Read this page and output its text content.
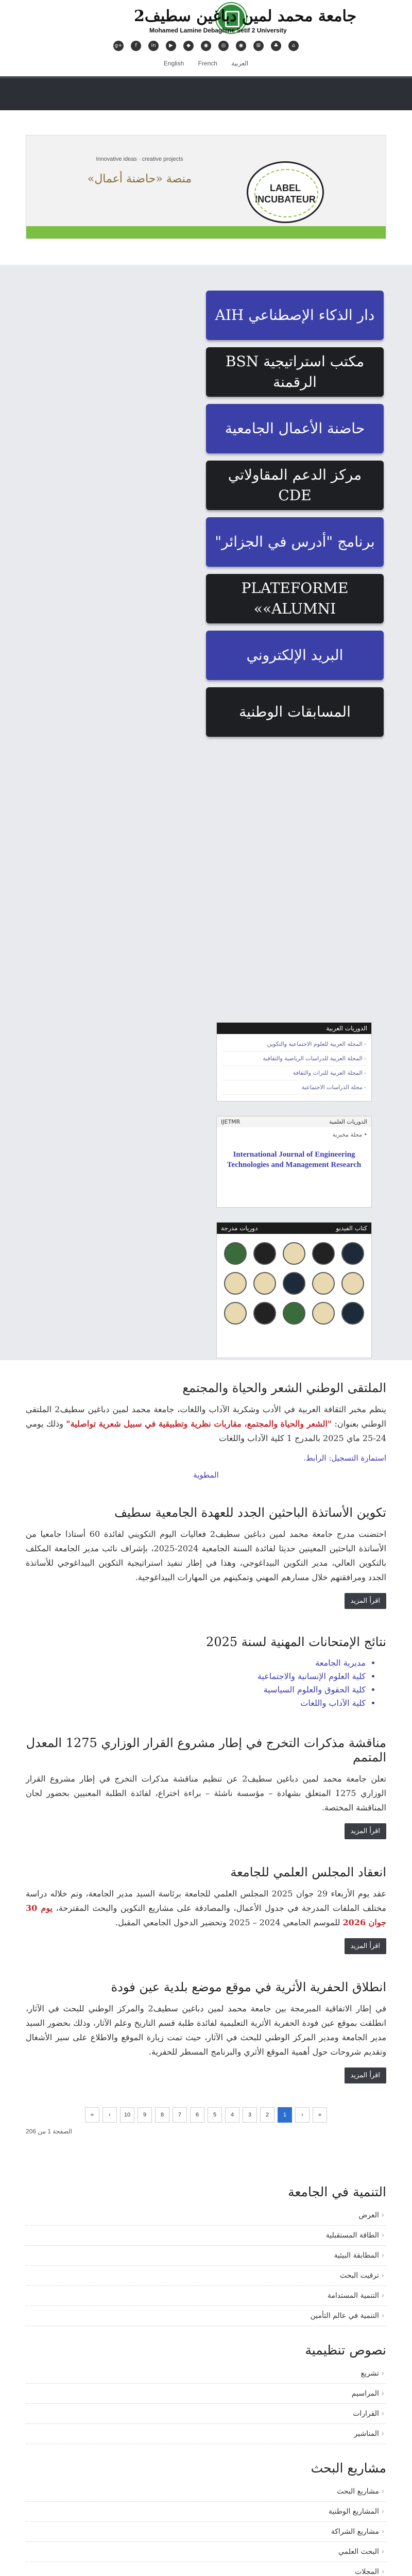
جامعة محمد لمين دباغين سطيف2
Mohamed Lamine Debaghine Setif 2 University
g+ f	in	▶	◆	◉	◎	◉	⊞	♣	⌂
English French العربية
Innovative ideas · creative projects
منصة «حاضنة أعمال»
LABEL INCUBATEUR
دار الذكاء الإصطناعي AIH
مكتب استراتيجية BSN الرقمنة
حاضنة الأعمال الجامعية
مركز الدعم المقاولاتي CDE
برنامج "أدرس في الجزائر"
PLATEFORME «ALUMNI»
البريد الإلكتروني
المسابقات الوطنية
الدوريات العربية
- المجلة العربية للعلوم الاجتماعية والتكوين
- المجلة العربية للدراسات الرياضية والثقافية
- المجلة العربية للتراث والثقافة
- مجلة الدراسات الاجتماعية
الدوريات العلمية
IJETMR
• مجلة مخبرية
International Journal of Engineering Technologies and Management Research
كتاب الفيديو
دوريات مدرجة
الملتقى الوطني الشعر والحياة والمجتمع

ينظم مخبر الثقافة العربية في الأدب وشكرية الآداب واللغات، جامعة محمد لمين دباغين سطيف2 الملتقى الوطني بعنوان: "الشعر والحياة والمجتمع، مقاربات نظرية وتطبيقية في سبيل شعرية تواصلية" وذلك يومي 24-25 ماي 2025 بالمدرج 1 كلية الآداب واللغات

استمارة التسجيل: الرابط.

المطوية
تكوين الأساتذة الباحثين الجدد للعهدة الجامعية سطيف

احتضنت مدرج جامعة محمد لمين دباغين سطيف2 فعاليات اليوم التكويني لفائدة 60 أستاذا جامعيا من الأساتذة الباحثين المعينين حديثا لفائدة السنة الجامعية 2024-2025، بإشراف نائب مدير الجامعة المكلف بالتكوين العالي، مدير التكوين البيداغوجي، وهذا في إطار تنفيذ استراتيجية التكوين البيداغوجي للأساتذة الجدد ومرافقتهم خلال مسارهم المهني وتمكينهم من المهارات البيداغوجية.

اقرأ المزيد
نتائج الإمتحانات المهنية لسنة 2025
• مديرية الجامعة
• كلية العلوم الإنسانية والاجتماعية
• كلية الحقوق والعلوم السياسية
• كلية الآداب واللغات
مناقشة مذكرات التخرج في إطار مشروع القرار الوزاري 1275 المعدل المتمم

تعلن جامعة محمد لمين دباغين سطيف2 عن تنظيم مناقشة مذكرات التخرج في إطار مشروع القرار الوزاري 1275 المتعلق بشهادة – مؤسسة ناشئة – براءة اختراع، لفائدة الطلبة المعنيين بحضور لجان المناقشة المختصة.

اقرأ المزيد
انعقاد المجلس العلمي للجامعة

عقد يوم الأربعاء 29 جوان 2025 المجلس العلمي للجامعة برئاسة السيد مدير الجامعة، وتم خلاله دراسة مختلف الملفات المدرجة في جدول الأعمال، والمصادقة على مشاريع التكوين والبحث المقترحة، يوم 30 جوان 2026 للموسم الجامعي 2024 – 2025 وتحضير الدخول الجامعي المقبل.

اقرأ المزيد
انطلاق الحفرية الأثرية في موقع موضع بلدية عين فودة

في إطار الاتفاقية المبرمجة بين جامعة محمد لمين دباغين سطيف2 والمركز الوطني للبحث في الآثار، انطلقت بموقع عين فودة الحفرية الأثرية التعليمية لفائدة طلبة قسم التاريخ وعلم الآثار، وذلك بحضور السيد مدير الجامعة ومدير المركز الوطني للبحث في الآثار، حيث تمت زيارة الموقع والاطلاع على سير الأشغال وتقديم شروحات حول أهمية الموقع الأثري والبرنامج المسطر للحفرية.

اقرأ المزيد
«	‹	10	9	8	7	6	5	4	3	2	1	›	»
الصفحة 1 من 206
التنمية في الجامعة
‹ العرض
‹ الطاقة المستقبلية
‹ المطابقة البيئية
‹ ترقيت البحث
‹ التنمية المستدامة
‹ التنمية في عالم التأمين
نصوص تنظيمية
‹ تشريع
‹ المراسيم
‹ القرارات
‹ المناشير
مشاريع البحث
‹ مشاريع البحث
‹ المشاريع الوطنية
‹ مشاريع الشراكة
‹ البحث العلمي
‹ المجلات
